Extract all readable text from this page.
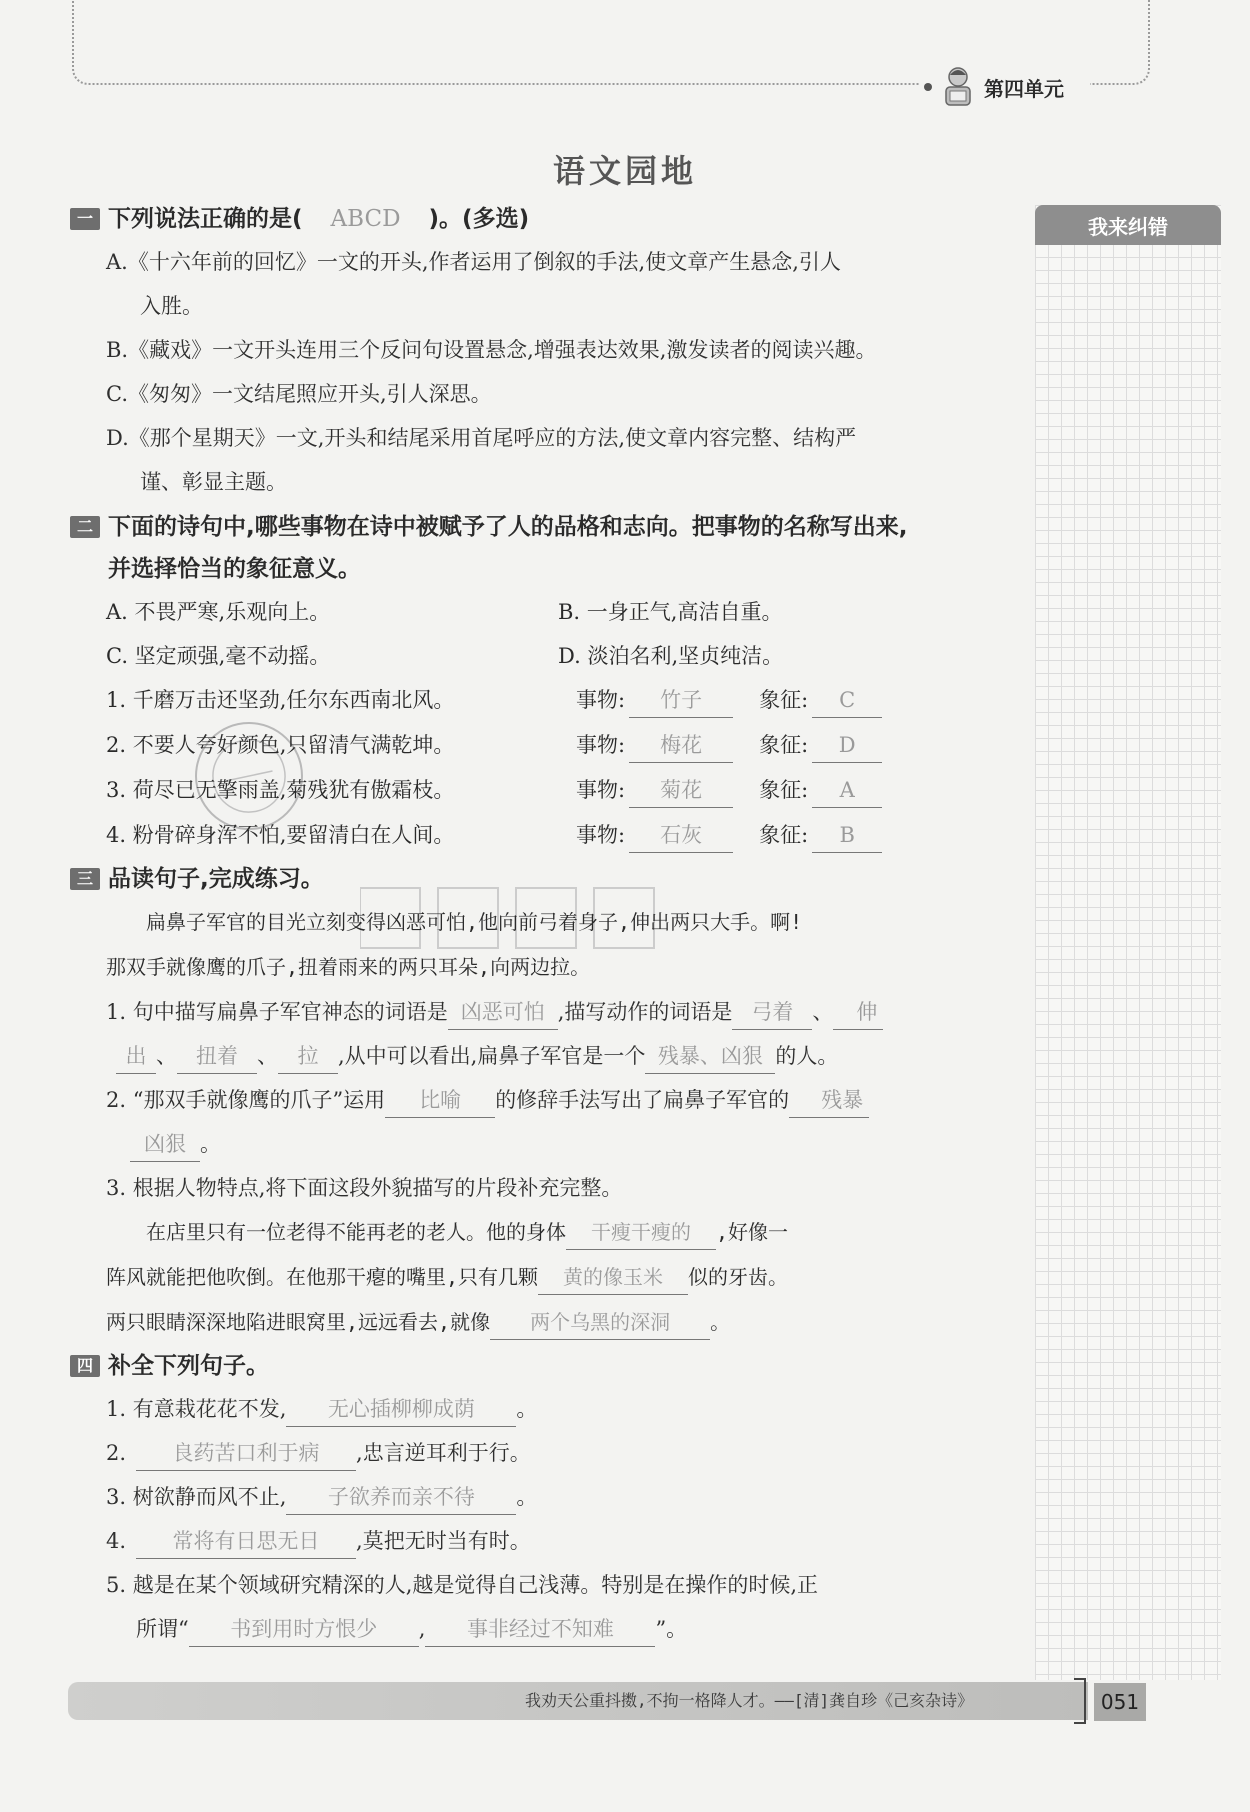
第四单元
语文园地
我来纠错
一 下列说法正确的是( ABCD )。(多选)
A.《十六年前的回忆》一文的开头,作者运用了倒叙的手法,使文章产生悬念,引人
入胜。
B.《藏戏》一文开头连用三个反问句设置悬念,增强表达效果,激发读者的阅读兴趣。
C.《匆匆》一文结尾照应开头,引人深思。
D.《那个星期天》一文,开头和结尾采用首尾呼应的方法,使文章内容完整、结构严
谨、彰显主题。
二 下面的诗句中,哪些事物在诗中被赋予了人的品格和志向。把事物的名称写出来,
并选择恰当的象征意义。
A. 不畏严寒,乐观向上。	B. 一身正气,高洁自重。
C. 坚定顽强,毫不动摇。	D. 淡泊名利,坚贞纯洁。
1. 千磨万击还坚劲,任尔东西南北风。	事物:	竹子	象征:	C
2. 不要人夸好颜色,只留清气满乾坤。	事物:	梅花	象征:	D
3. 荷尽已无擎雨盖,菊残犹有傲霜枝。	事物:	菊花	象征:	A
4. 粉骨碎身浑不怕,要留清白在人间。	事物:	石灰	象征:	B
三 品读句子,完成练习。
扁鼻子军官的目光立刻变得凶恶可怕,他向前弓着身子,伸出两只大手。啊!
那双手就像鹰的爪子,扭着雨来的两只耳朵,向两边拉。
1. 句中描写扁鼻子军官神态的词语是 凶恶可怕 ,描写动作的词语是 弓着 、 伸
出 、 扭着 、 拉 ,从中可以看出,扁鼻子军官是一个 残暴、凶狠 的人。
2. “那双手就像鹰的爪子”运用 比喻 的修辞手法写出了扁鼻子军官的 残暴
凶狠 。
3. 根据人物特点,将下面这段外貌描写的片段补充完整。
在店里只有一位老得不能再老的老人。他的身体 干瘦干瘦的 ,好像一
阵风就能把他吹倒。在他那干瘪的嘴里,只有几颗 黄的像玉米 似的牙齿。
两只眼睛深深地陷进眼窝里,远远看去,就像 两个乌黑的深洞 。
四 补全下列句子。
1. 有意栽花花不发, 无心插柳柳成荫 。
2. 良药苦口利于病 ,忠言逆耳利于行。
3. 树欲静而风不止, 子欲养而亲不待 。
4. 常将有日思无日 ,莫把无时当有时。
5. 越是在某个领域研究精深的人,越是觉得自己浅薄。特别是在操作的时候,正
所谓“ 书到用时方恨少 , 事非经过不知难 ”。
我劝天公重抖擞,不拘一格降人才。——[清]龚自珍《己亥杂诗》	051
